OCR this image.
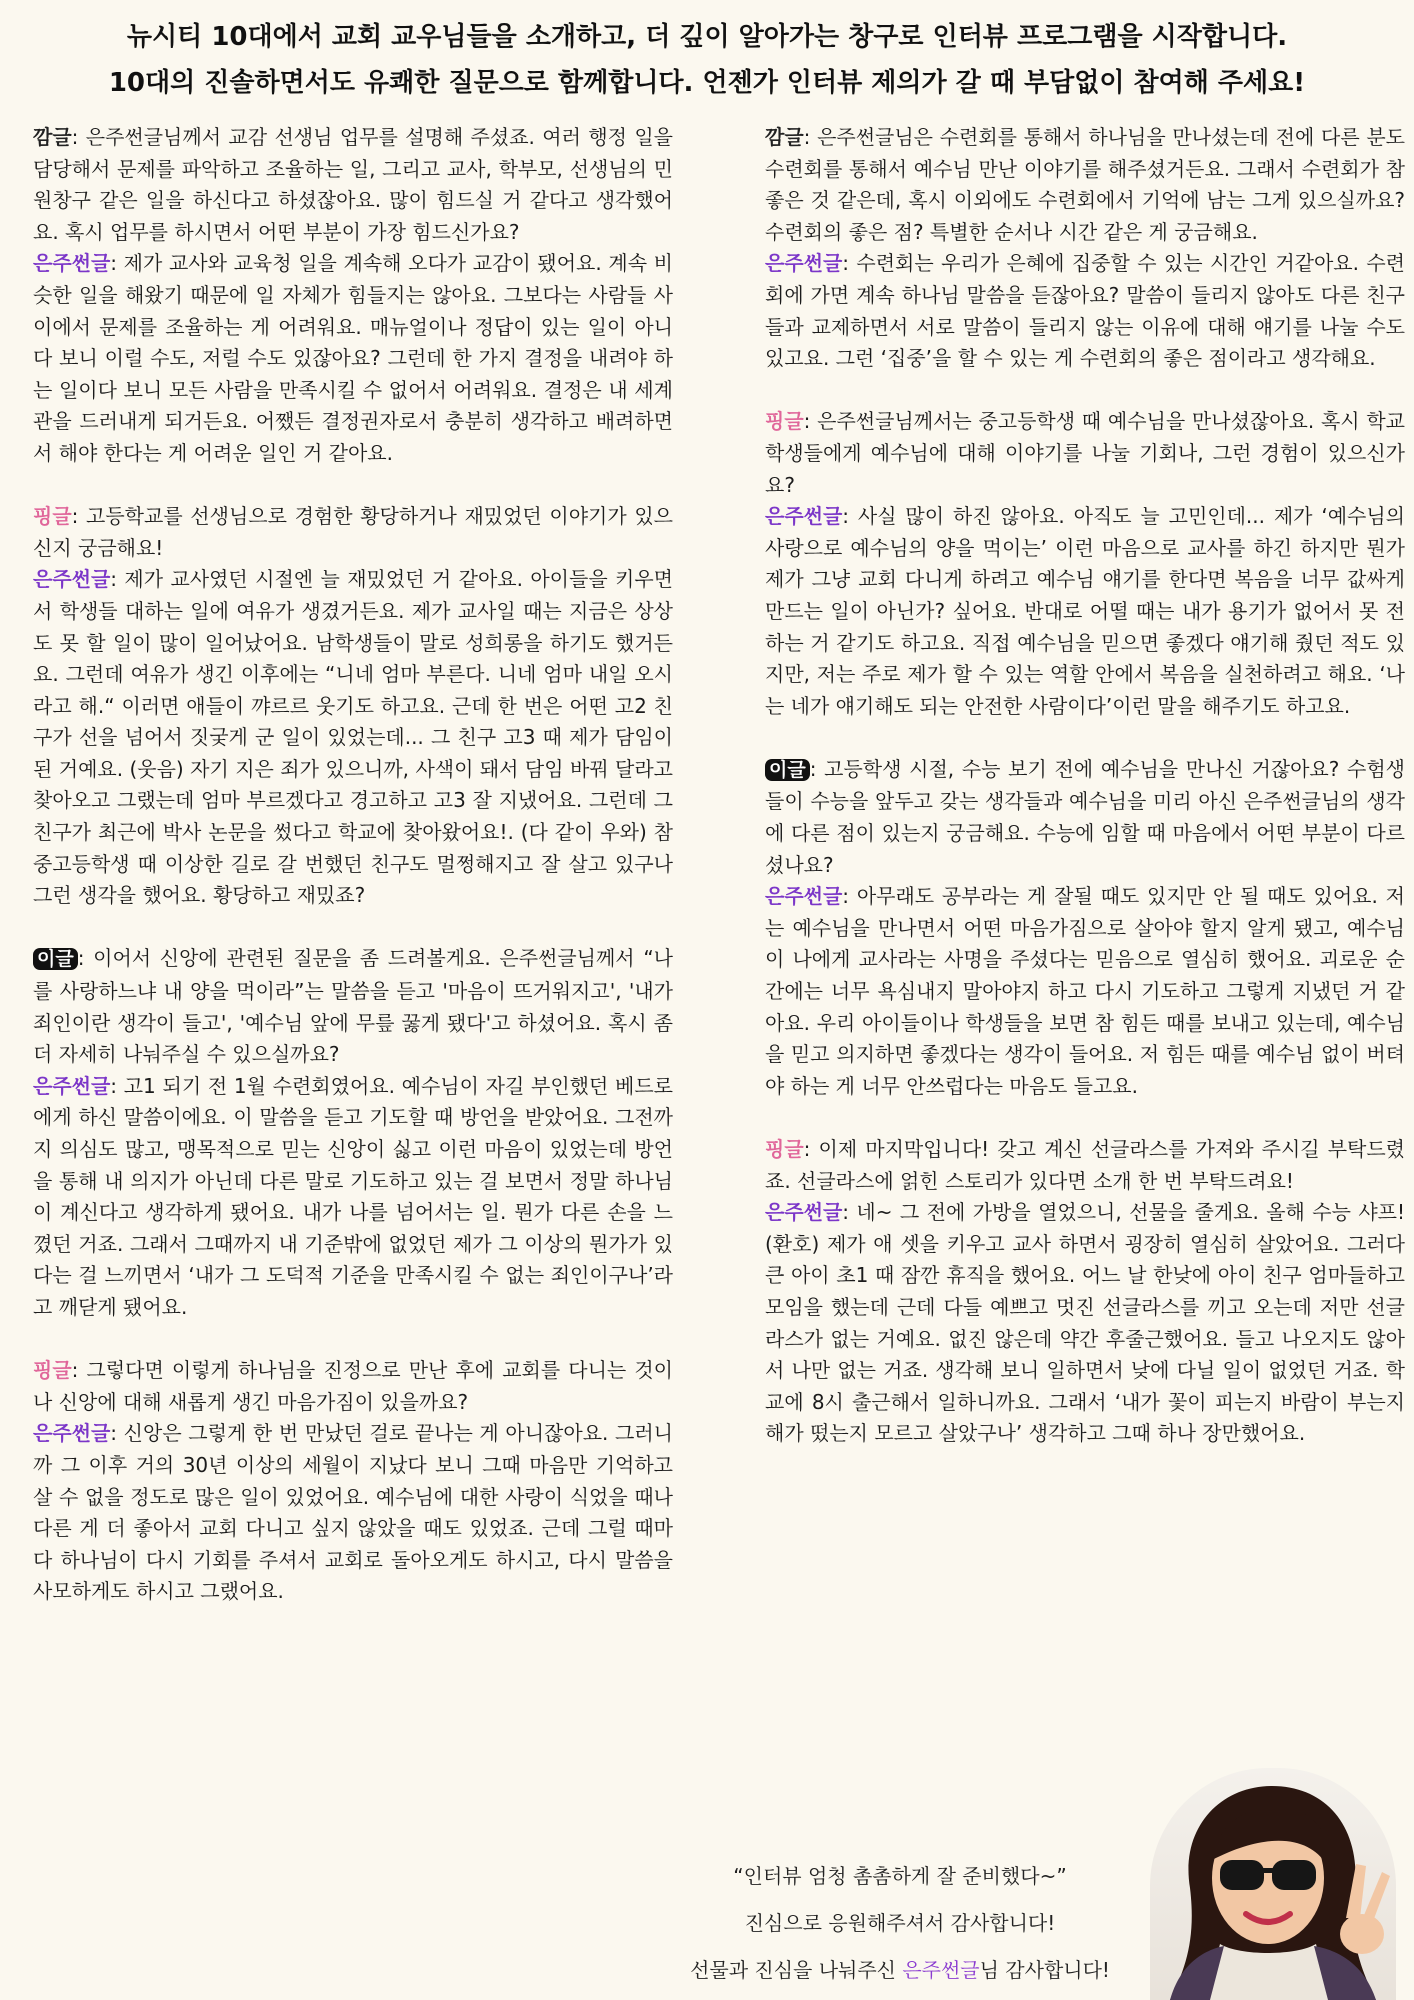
뉴시티 10대에서 교회 교우님들을 소개하고, 더 깊이 알아가는 창구로 인터뷰 프로그램을 시작합니다.
10대의 진솔하면서도 유쾌한 질문으로 함께합니다. 언젠가 인터뷰 제의가 갈 때 부담없이 참여해 주세요!
깜글: 은주썬글님께서 교감 선생님 업무를 설명해 주셨죠. 여러 행정 일을 담당해서 문제를 파악하고 조율하는 일, 그리고 교사, 학부모, 선생님의 민원창구 같은 일을 하신다고 하셨잖아요. 많이 힘드실 거 같다고 생각했어요. 혹시 업무를 하시면서 어떤 부분이 가장 힘드신가요?
은주썬글: 제가 교사와 교육청 일을 계속해 오다가 교감이 됐어요. 계속 비슷한 일을 해왔기 때문에 일 자체가 힘들지는 않아요. 그보다는 사람들 사이에서 문제를 조율하는 게 어려워요. 매뉴얼이나 정답이 있는 일이 아니다 보니 이럴 수도, 저럴 수도 있잖아요? 그런데 한 가지 결정을 내려야 하는 일이다 보니 모든 사람을 만족시킬 수 없어서 어려워요. 결정은 내 세계관을 드러내게 되거든요. 어쨌든 결정권자로서 충분히 생각하고 배려하면서 해야 한다는 게 어려운 일인 거 같아요.
핑글: 고등학교를 선생님으로 경험한 황당하거나 재밌었던 이야기가 있으신지 궁금해요!
은주썬글: 제가 교사였던 시절엔 늘 재밌었던 거 같아요. 아이들을 키우면서 학생들 대하는 일에 여유가 생겼거든요. 제가 교사일 때는 지금은 상상도 못 할 일이 많이 일어났어요. 남학생들이 말로 성희롱을 하기도 했거든요. 그런데 여유가 생긴 이후에는 “니네 엄마 부른다. 니네 엄마 내일 오시라고 해.“ 이러면 애들이 꺄르르 웃기도 하고요. 근데 한 번은 어떤 고2 친구가 선을 넘어서 짓궂게 군 일이 있었는데... 그 친구 고3 때 제가 담임이 된 거예요. (웃음) 자기 지은 죄가 있으니까, 사색이 돼서 담임 바꿔 달라고 찾아오고 그랬는데 엄마 부르겠다고 경고하고 고3 잘 지냈어요. 그런데 그 친구가 최근에 박사 논문을 썼다고 학교에 찾아왔어요!. (다 같이 우와) 참 중고등학생 때 이상한 길로 갈 번했던 친구도 멀쩡해지고 잘 살고 있구나 그런 생각을 했어요. 황당하고 재밌죠?
이글 : 이어서 신앙에 관련된 질문을 좀 드려볼게요. 은주썬글님께서 “나를 사랑하느냐 내 양을 먹이라”는 말씀을 듣고 '마음이 뜨거워지고', '내가 죄인이란 생각이 들고', '예수님 앞에 무릎 꿇게 됐다'고 하셨어요. 혹시 좀 더 자세히 나눠주실 수 있으실까요?
은주썬글: 고1 되기 전 1월 수련회였어요. 예수님이 자길 부인했던 베드로에게 하신 말씀이에요. 이 말씀을 듣고 기도할 때 방언을 받았어요. 그전까지 의심도 많고, 맹목적으로 믿는 신앙이 싫고 이런 마음이 있었는데 방언을 통해 내 의지가 아닌데 다른 말로 기도하고 있는 걸 보면서 정말 하나님이 계신다고 생각하게 됐어요. 내가 나를 넘어서는 일. 뭔가 다른 손을 느꼈던 거죠. 그래서 그때까지 내 기준밖에 없었던 제가 그 이상의 뭔가가 있다는 걸 느끼면서 ‘내가 그 도덕적 기준을 만족시킬 수 없는 죄인이구나’라고 깨닫게 됐어요.
핑글: 그렇다면 이렇게 하나님을 진정으로 만난 후에 교회를 다니는 것이나 신앙에 대해 새롭게 생긴 마음가짐이 있을까요?
은주썬글: 신앙은 그렇게 한 번 만났던 걸로 끝나는 게 아니잖아요. 그러니까 그 이후 거의 30년 이상의 세월이 지났다 보니 그때 마음만 기억하고 살 수 없을 정도로 많은 일이 있었어요. 예수님에 대한 사랑이 식었을 때나 다른 게 더 좋아서 교회 다니고 싶지 않았을 때도 있었죠. 근데 그럴 때마다 하나님이 다시 기회를 주셔서 교회로 돌아오게도 하시고, 다시 말씀을 사모하게도 하시고 그랬어요.
깜글: 은주썬글님은 수련회를 통해서 하나님을 만나셨는데 전에 다른 분도 수련회를 통해서 예수님 만난 이야기를 해주셨거든요. 그래서 수련회가 참 좋은 것 같은데, 혹시 이외에도 수련회에서 기억에 남는 그게 있으실까요? 수련회의 좋은 점? 특별한 순서나 시간 같은 게 궁금해요.
은주썬글: 수련회는 우리가 은혜에 집중할 수 있는 시간인 거같아요. 수련회에 가면 계속 하나님 말씀을 듣잖아요? 말씀이 들리지 않아도 다른 친구들과 교제하면서 서로 말씀이 들리지 않는 이유에 대해 얘기를 나눌 수도 있고요. 그런 ‘집중’을 할 수 있는 게 수련회의 좋은 점이라고 생각해요.
핑글: 은주썬글님께서는 중고등학생 때 예수님을 만나셨잖아요. 혹시 학교 학생들에게 예수님에 대해 이야기를 나눌 기회나, 그런 경험이 있으신가요?
은주썬글: 사실 많이 하진 않아요. 아직도 늘 고민인데... 제가 ‘예수님의 사랑으로 예수님의 양을 먹이는’ 이런 마음으로 교사를 하긴 하지만 뭔가 제가 그냥 교회 다니게 하려고 예수님 얘기를 한다면 복음을 너무 값싸게 만드는 일이 아닌가? 싶어요. 반대로 어떨 때는 내가 용기가 없어서 못 전하는 거 같기도 하고요. 직접 예수님을 믿으면 좋겠다 얘기해 줬던 적도 있지만, 저는 주로 제가 할 수 있는 역할 안에서 복음을 실천하려고 해요. ‘나는 네가 얘기해도 되는 안전한 사람이다’이런 말을 해주기도 하고요.
이글 : 고등학생 시절, 수능 보기 전에 예수님을 만나신 거잖아요? 수험생들이 수능을 앞두고 갖는 생각들과 예수님을 미리 아신 은주썬글님의 생각에 다른 점이 있는지 궁금해요. 수능에 임할 때 마음에서 어떤 부분이 다르셨나요?
은주썬글: 아무래도 공부라는 게 잘될 때도 있지만 안 될 때도 있어요. 저는 예수님을 만나면서 어떤 마음가짐으로 살아야 할지 알게 됐고, 예수님이 나에게 교사라는 사명을 주셨다는 믿음으로 열심히 했어요. 괴로운 순간에는 너무 욕심내지 말아야지 하고 다시 기도하고 그렇게 지냈던 거 같아요. 우리 아이들이나 학생들을 보면 참 힘든 때를 보내고 있는데, 예수님을 믿고 의지하면 좋겠다는 생각이 들어요. 저 힘든 때를 예수님 없이 버텨야 하는 게 너무 안쓰럽다는 마음도 들고요.
핑글: 이제 마지막입니다! 갖고 계신 선글라스를 가져와 주시길 부탁드렸죠. 선글라스에 얽힌 스토리가 있다면 소개 한 번 부탁드려요!
은주썬글: 네~ 그 전에 가방을 열었으니, 선물을 줄게요. 올해 수능 샤프! (환호) 제가 애 셋을 키우고 교사 하면서 굉장히 열심히 살았어요. 그러다 큰 아이 초1 때 잠깐 휴직을 했어요. 어느 날 한낮에 아이 친구 엄마들하고 모임을 했는데 근데 다들 예쁘고 멋진 선글라스를 끼고 오는데 저만 선글라스가 없는 거예요. 없진 않은데 약간 후줄근했어요. 들고 나오지도 않아서 나만 없는 거죠. 생각해 보니 일하면서 낮에 다닐 일이 없었던 거죠. 학교에 8시 출근해서 일하니까요. 그래서 ‘내가 꽃이 피는지 바람이 부는지 해가 떴는지 모르고 살았구나’ 생각하고 그때 하나 장만했어요.
“인터뷰 엄청 촘촘하게 잘 준비했다~”
진심으로 응원해주셔서 감사합니다!
선물과 진심을 나눠주신 은주썬글님 감사합니다!
